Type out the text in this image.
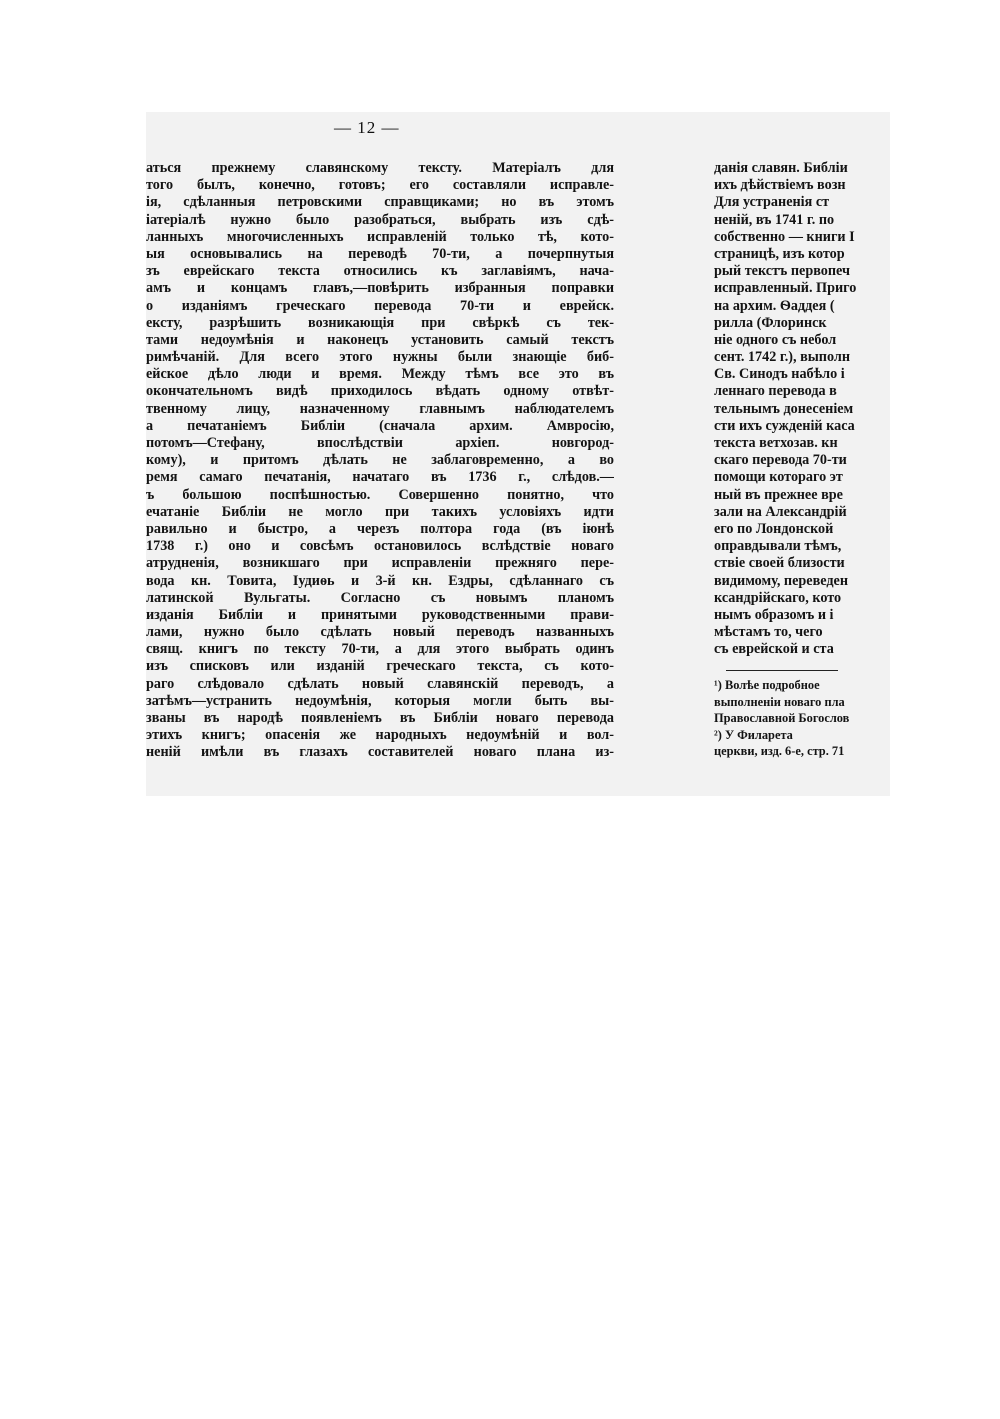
— 12 —
аться прежнему славянскому тексту. Матеріалъ для
того былъ, конечно, готовъ; его составляли исправле-
ія, сдѣланныя петровскими справщиками; но въ этомъ
іатеріалѣ нужно было разобраться, выбрать изъ сдѣ-
ланныхъ многочисленныхъ исправленій только тѣ, кото-
ыя основывались на переводѣ 70-ти, а почерпнутыя
зъ еврейскаго текста относились къ заглавіямъ, нача-
амъ и концамъ главъ,—повѣрить избранныя поправки
о изданіямъ греческаго перевода 70-ти и еврейск.
ексту, разрѣшить возникающія при свѣркѣ съ тек-
тами недоумѣнія и наконецъ установить самый текстъ
римѣчаній. Для всего этого нужны были знающіе биб-
ейское дѣло люди и время. Между тѣмъ все это въ
окончательномъ видѣ приходилось вѣдать одному отвѣт-
твенному лицу, назначенному главнымъ наблюдателемъ
а печатаніемъ Библіи (сначала архим. Амвросію,
потомъ—Стефану, впослѣдствіи архіеп. новгород-
кому), и притомъ дѣлать не заблаговременно, а во
ремя самаго печатанія, начатаго въ 1736 г., слѣдов.—
ъ большою поспѣшностью. Совершенно понятно, что
ечатаніе Библіи не могло при такихъ условіяхъ идти
равильно и быстро, а черезъ полтора года (въ іюнѣ
1738 г.) оно и совсѣмъ остановилось вслѣдствіе новаго
атрудненія, возникшаго при исправленіи прежняго пере-
вода кн. Товита, Іудиѳь и 3-й кн. Ездры, сдѣланнаго съ
латинской Вульгаты. Согласно съ новымъ планомъ
изданія Библіи и принятыми руководственными прави-
лами, нужно было сдѣлать новый переводъ названныхъ
свящ. книгъ по тексту 70-ти, а для этого выбрать одинъ
изъ списковъ или изданій греческаго текста, съ кото-
раго слѣдовало сдѣлать новый славянскій переводъ, а
затѣмъ—устранить недоумѣнія, которыя могли быть вы-
званы въ народѣ появленіемъ въ Библіи новаго перевода
этихъ книгъ; опасенія же народныхъ недоумѣній и вол-
неній имѣли въ глазахъ составителей новаго плана из-
данія славян. Библіи
ихъ дѣйствіемъ возн
Для устраненія ст
неній, въ 1741 г. по
собственно — книги І
страницѣ, изъ котор
рый текстъ первопеч
исправленный. Приго
на архим. Ѳаддея (
рилла (Флоринск
ніе одного съ небол
сент. 1742 г.), выполн
Св. Синодъ набѣло і
леннаго перевода в
тельнымъ донесеніем
сти ихъ сужденій каса
текста ветхозав. кн
скаго перевода 70-ти
помощи котораго эт
ный въ прежнее вре
зали на Александрій
его по Лондонской
оправдывали тѣмъ,
ствіе своей близости
видимому, переведен
ксандрійскаго, кото
нымъ образомъ и і
мѣстамъ то, чего
съ еврейской и ста
¹) Волѣе подробное
выполненіи новаго пла
Православной Богослов
²) У Филарета
церкви, изд. 6-е, стр. 71
